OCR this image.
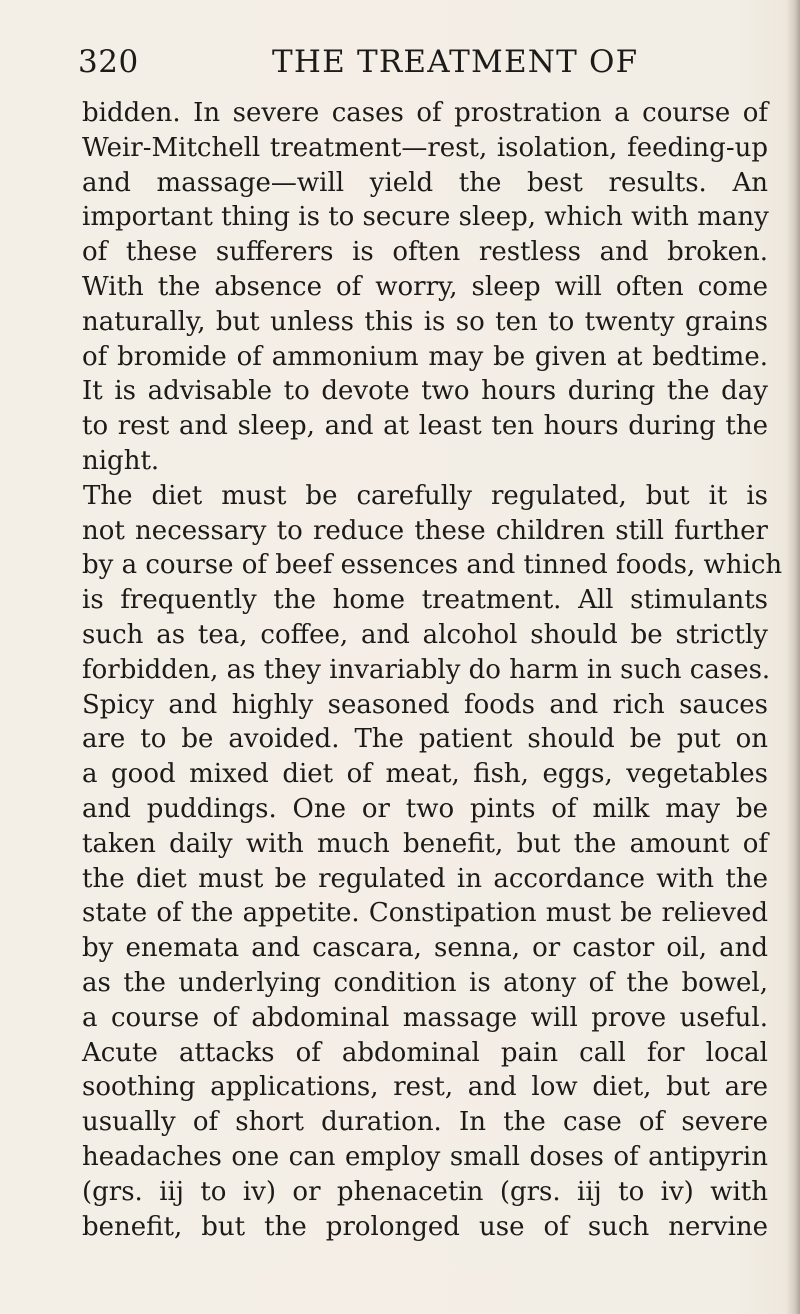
320	THE TREATMENT OF
bidden. In severe cases of prostration a course of
Weir-Mitchell treatment—rest, isolation, feeding-up
and massage—will yield the best results. An
important thing is to secure sleep, which with many
of these sufferers is often restless and broken.
With the absence of worry, sleep will often come
naturally, but unless this is so ten to twenty grains
of bromide of ammonium may be given at bedtime.
It is advisable to devote two hours during the day
to rest and sleep, and at least ten hours during the
night.
The diet must be carefully regulated, but it is
not necessary to reduce these children still further
by a course of beef essences and tinned foods, which
is frequently the home treatment. All stimulants
such as tea, coffee, and alcohol should be strictly
forbidden, as they invariably do harm in such cases.
Spicy and highly seasoned foods and rich sauces
are to be avoided. The patient should be put on
a good mixed diet of meat, fish, eggs, vegetables
and puddings. One or two pints of milk may be
taken daily with much benefit, but the amount of
the diet must be regulated in accordance with the
state of the appetite. Constipation must be relieved
by enemata and cascara, senna, or castor oil, and
as the underlying condition is atony of the bowel,
a course of abdominal massage will prove useful.
Acute attacks of abdominal pain call for local
soothing applications, rest, and low diet, but are
usually of short duration. In the case of severe
headaches one can employ small doses of antipyrin
(grs. iij to iv) or phenacetin (grs. iij to iv) with
benefit, but the prolonged use of such nervine
